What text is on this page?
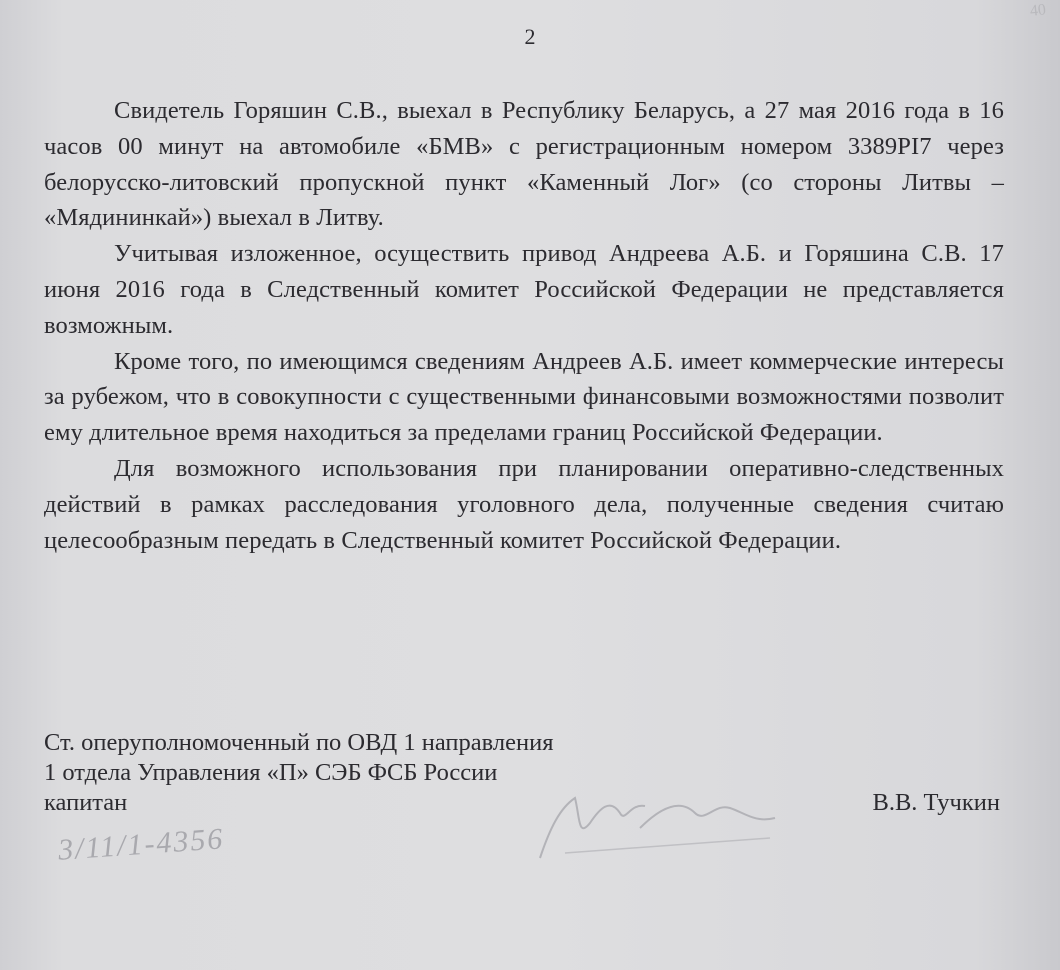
40
2

Свидетель Горяшин С.В., выехал в Республику Беларусь, а 27 мая 2016 года в 16 часов 00 минут на автомобиле «БМВ» с регистрационным номером 3389PI7 через белорусско-литовский пропускной пункт «Каменный Лог» (со стороны Литвы – «Мядининкай») выехал в Литву.

Учитывая изложенное, осуществить привод Андреева А.Б. и Горяшина С.В. 17 июня 2016 года в Следственный комитет Российской Федерации не представляется возможным.

Кроме того, по имеющимся сведениям Андреев А.Б. имеет коммерческие интересы за рубежом, что в совокупности с существенными финансовыми возможностями позволит ему длительное время находиться за пределами границ Российской Федерации.

Для возможного использования при планировании оперативно-следственных действий в рамках расследования уголовного дела, полученные сведения считаю целесообразным передать в Следственный комитет Российской Федерации.

Ст. оперуполномоченный по ОВД 1 направления
1 отдела Управления «П» СЭБ ФСБ России
капитан	В.В. Тучкин
3/11/1-4356
